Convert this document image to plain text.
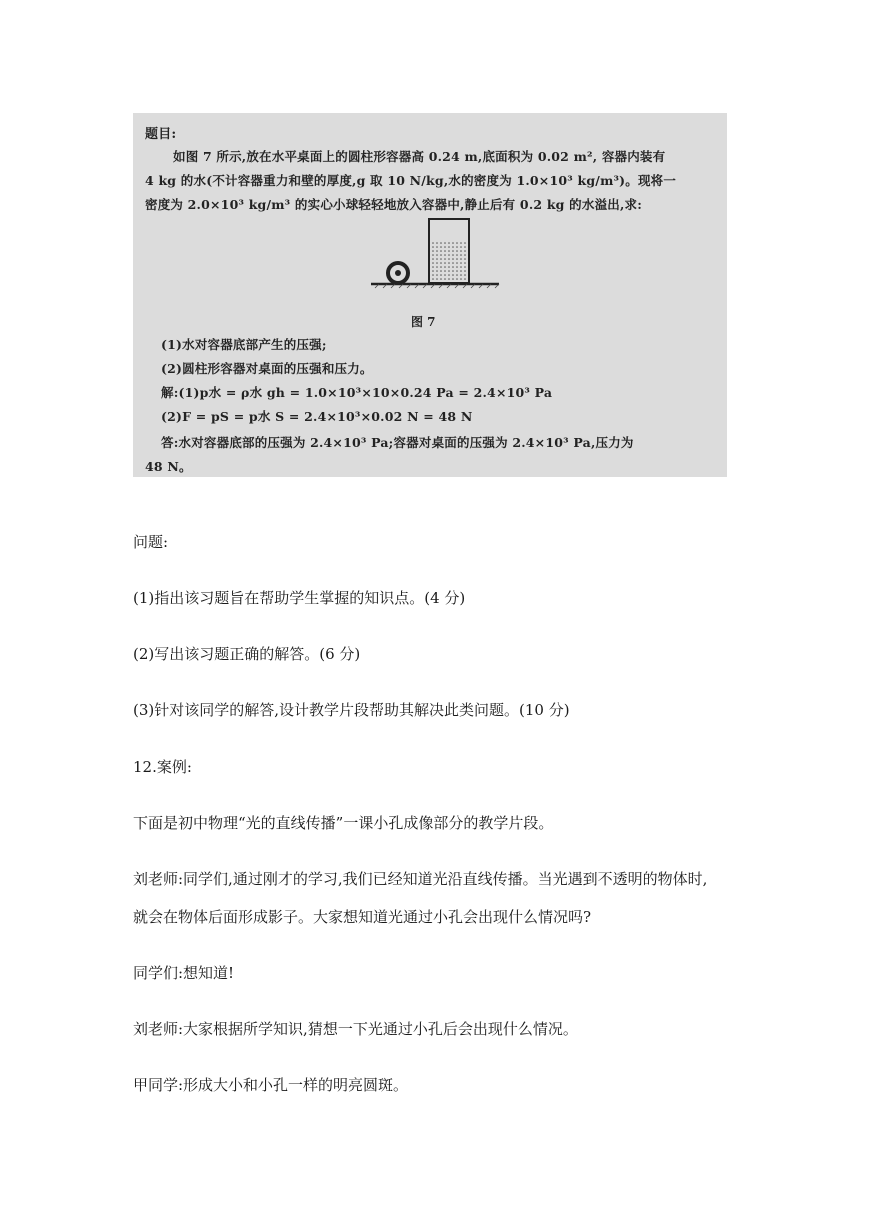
题目:
如图 7 所示,放在水平桌面上的圆柱形容器高 0.24 m,底面积为 0.02 m², 容器内装有
4 kg 的水(不计容器重力和壁的厚度,g 取 10 N/kg,水的密度为 1.0×10³ kg/m³)。现将一
密度为 2.0×10³ kg/m³ 的实心小球轻轻地放入容器中,静止后有 0.2 kg 的水溢出,求:
图 7
(1)水对容器底部产生的压强;
(2)圆柱形容器对桌面的压强和压力。
解:(1)p水 = ρ水 gh = 1.0×10³×10×0.24 Pa = 2.4×10³ Pa
(2)F = pS = p水 S = 2.4×10³×0.02 N = 48 N
答:水对容器底部的压强为 2.4×10³ Pa;容器对桌面的压强为 2.4×10³ Pa,压力为
48 N。
问题:
(1)指出该习题旨在帮助学生掌握的知识点。(4 分)
(2)写出该习题正确的解答。(6 分)
(3)针对该同学的解答,设计教学片段帮助其解决此类问题。(10 分)
12.案例:
下面是初中物理“光的直线传播”一课小孔成像部分的教学片段。
刘老师:同学们,通过刚才的学习,我们已经知道光沿直线传播。当光遇到不透明的物体时,
就会在物体后面形成影子。大家想知道光通过小孔会出现什么情况吗?
同学们:想知道!
刘老师:大家根据所学知识,猜想一下光通过小孔后会出现什么情况。
甲同学:形成大小和小孔一样的明亮圆斑。
